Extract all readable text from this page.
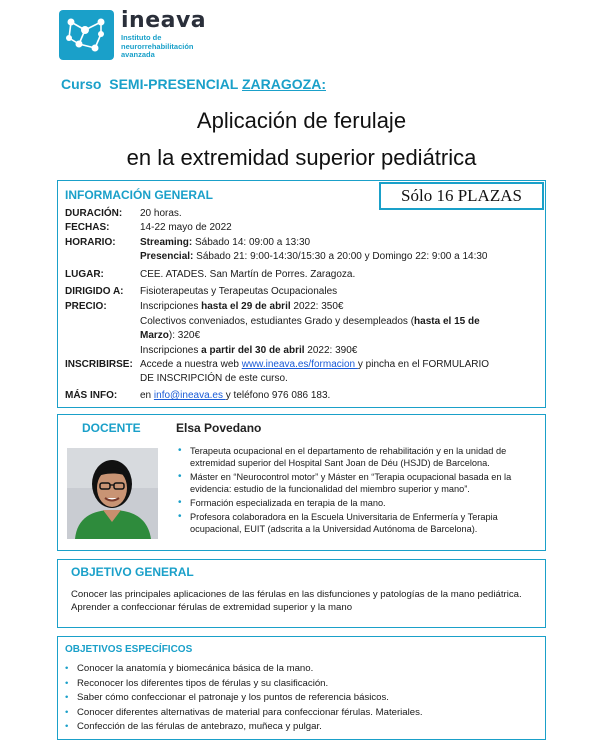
ineava
Instituto de
neurorrehabilitación
avanzada
Curso SEMI-PRESENCIAL ZARAGOZA:
Aplicación de ferulaje
en la extremidad superior pediátrica
INFORMACIÓN GENERAL	Sólo 16 PLAZAS
DURACIÓN: 20 horas.
FECHAS:	14-22 mayo de 2022
HORARIO: Streaming: Sábado 14: 09:00 a 13:30
Presencial: Sábado 21: 9:00-14:30/15:30 a 20:00 y Domingo 22: 9:00 a 14:30
LUGAR:	CEE. ATADES. San Martín de Porres. Zaragoza.
DIRIGIDO A: Fisioterapeutas y Terapeutas Ocupacionales
PRECIO:	Inscripciones hasta el 29 de abril 2022: 350€
Colectivos conveniados, estudiantes Grado y desempleados (hasta el 15 de
Marzo): 320€
Inscripciones a partir del 30 de abril 2022: 390€
INSCRIBIRSE: Accede a nuestra web www.ineava.es/formacion y pincha en el FORMULARIO
DE INSCRIPCIÓN de este curso.
MÁS INFO: en info@ineava.es y teléfono 976 086 183.
DOCENTE	Elsa Povedano
• Terapeuta ocupacional en el departamento de rehabilitación y en la unidad de extremidad superior del Hospital Sant Joan de Déu (HSJD) de Barcelona.
• Máster en “Neurocontrol motor” y Máster en “Terapia ocupacional basada en la evidencia: estudio de la funcionalidad del miembro superior y mano”.
• Formación especializada en terapia de la mano.
• Profesora colaboradora en la Escuela Universitaria de Enfermería y Terapia ocupacional, EUIT (adscrita a la Universidad Autónoma de Barcelona).
OBJETIVO GENERAL
Conocer las principales aplicaciones de las férulas en las disfunciones y patologías de la mano pediátrica. Aprender a confeccionar férulas de extremidad superior y la mano
OBJETIVOS ESPECÍFICOS
• Conocer la anatomía y biomecánica básica de la mano.
• Reconocer los diferentes tipos de férulas y su clasificación.
• Saber cómo confeccionar el patronaje y los puntos de referencia básicos.
• Conocer diferentes alternativas de material para confeccionar férulas. Materiales.
• Confección de las férulas de antebrazo, muñeca y pulgar.
